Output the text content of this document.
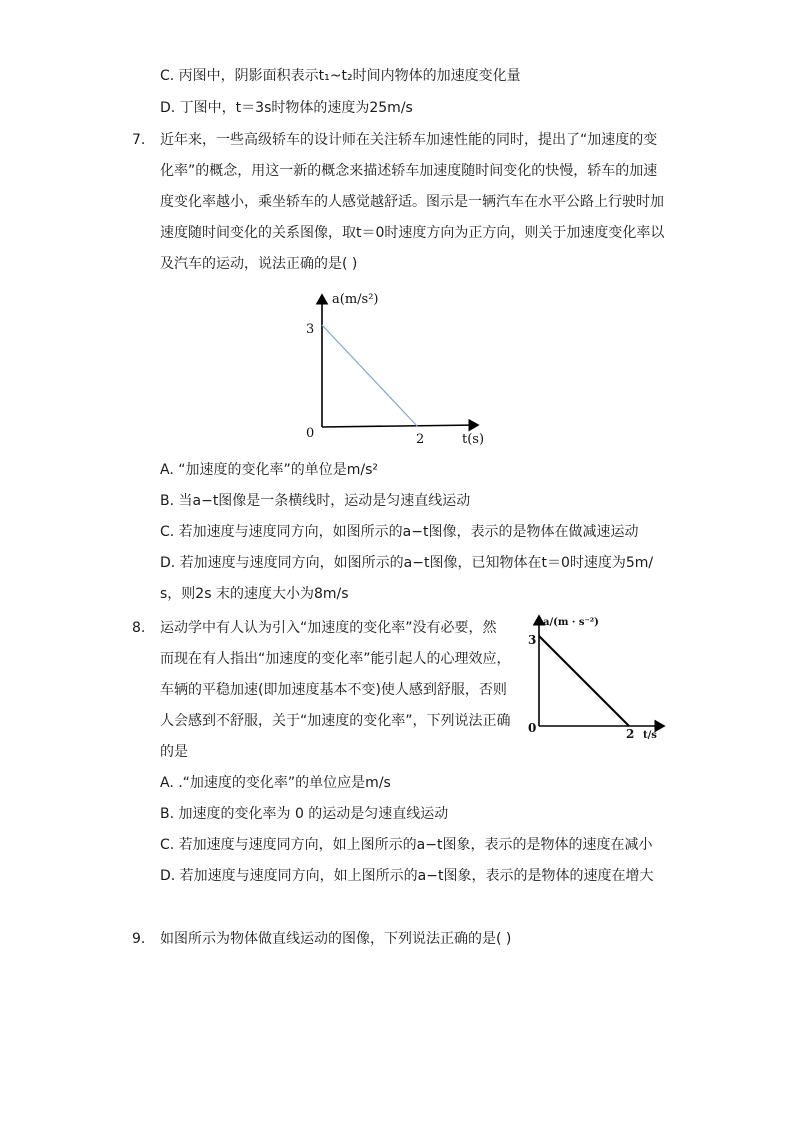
C. 丙图中，阴影面积表示t₁~t₂时间内物体的加速度变化量
D. 丁图中，t＝3s时物体的速度为25m/s
7. 近年来，一些高级轿车的设计师在关注轿车加速性能的同时，提出了“加速度的变
化率”的概念，用这一新的概念来描述轿车加速度随时间变化的快慢，轿车的加速
度变化率越小，乘坐轿车的人感觉越舒适。图示是一辆汽车在水平公路上行驶时加
速度随时间变化的关系图像，取t＝0时速度方向为正方向，则关于加速度变化率以
及汽车的运动，说法正确的是( )
a(m/s²)
3
0	2	t(s)
A. “加速度的变化率”的单位是m/s²
B. 当a−t图像是一条横线时，运动是匀速直线运动
C. 若加速度与速度同方向，如图所示的a−t图像，表示的是物体在做减速运动
D. 若加速度与速度同方向，如图所示的a−t图像，已知物体在t＝0时速度为5m/
s，则2s 末的速度大小为8m/s
8. 运动学中有人认为引入“加速度的变化率”没有必要，然
而现在有人指出“加速度的变化率”能引起人的心理效应，
车辆的平稳加速(即加速度基本不变)使人感到舒服，否则
人会感到不舒服，关于“加速度的变化率”，下列说法正确
的是
a/(m · s⁻²)
3
0	2 t/s
A. .“加速度的变化率”的单位应是m/s
B. 加速度的变化率为 0 的运动是匀速直线运动
C. 若加速度与速度同方向，如上图所示的a−t图象，表示的是物体的速度在减小
D. 若加速度与速度同方向，如上图所示的a−t图象，表示的是物体的速度在增大
9. 如图所示为物体做直线运动的图像，下列说法正确的是( )
